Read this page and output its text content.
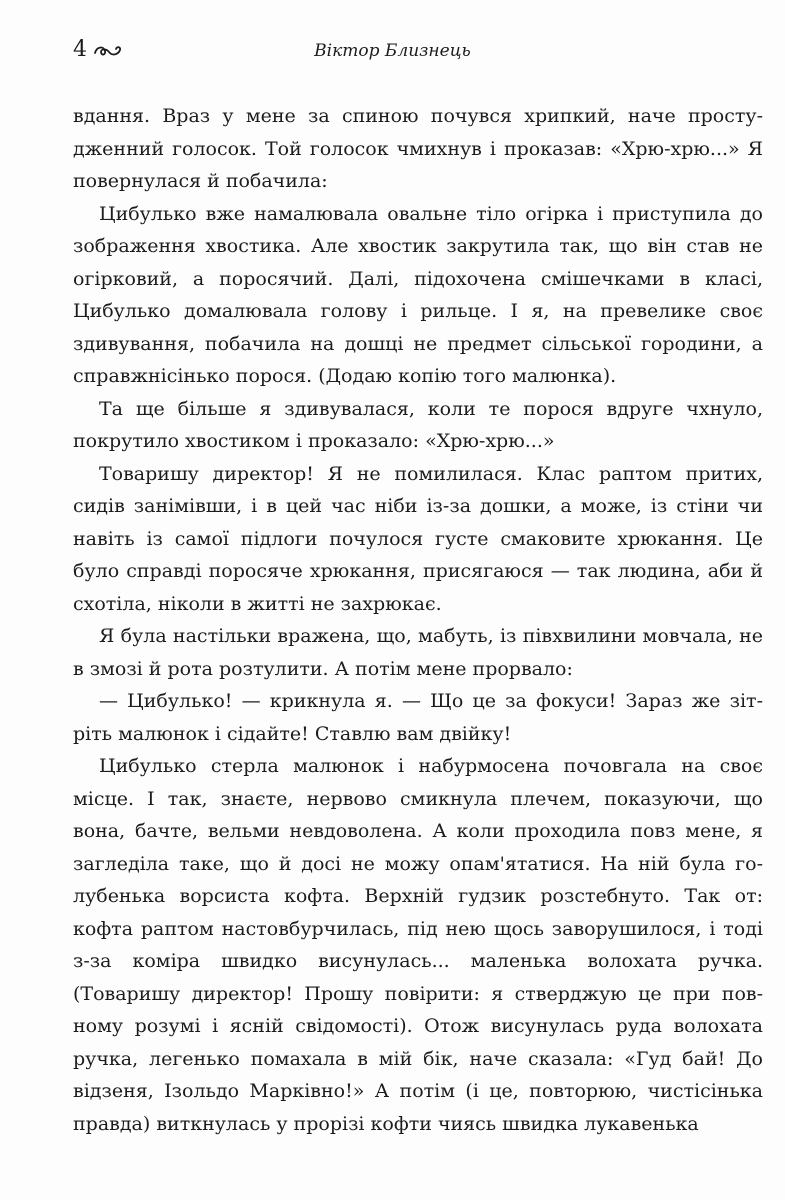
4	Віктор Близнець

вдання. Враз у мене за спиною почувся хрипкий, наче просту-дженний голосок. Той голосок чмихнув і проказав: «Хрю-хрю...» Я повернулася й побачила:

Цибулько вже намалювала овальне тіло огірка і приступила до зображення хвостика. Але хвостик закрутила так, що він став не огірковий, а поросячий. Далі, підохочена смішечками в класі, Цибулько домалювала голову і рильце. І я, на превелике своє здивування, побачила на дошці не предмет сільської городини, а справжнісінько порося. (Додаю копію того малюнка).

Та ще більше я здивувалася, коли те порося вдруге чхнуло, покрутило хвостиком і проказало: «Хрю-хрю...»

Товаришу директор! Я не помилилася. Клас раптом притих, сидів занімівши, і в цей час ніби із-за дошки, а може, із стіни чи навіть із самої підлоги почулося густе смаковите хрюкання. Це було справді поросяче хрюкання, присягаюся — так людина, аби й схотіла, ніколи в житті не захрюкає.

Я була настільки вражена, що, мабуть, із півхвилини мовчала, не в змозі й рота розтулити. А потім мене прорвало:

— Цибулько! — крикнула я. — Що це за фокуси! Зараз же зіт-ріть малюнок і сідайте! Ставлю вам двійку!

Цибулько стерла малюнок і набурмосена почовгала на своє місце. І так, знаєте, нервово смикнула плечем, показуючи, що вона, бачте, вельми невдоволена. А коли проходила повз мене, я загледіла таке, що й досі не можу опам'ятатися. На ній була го-лубенька ворсиста кофта. Верхній гудзик розстебнуто. Так от: кофта раптом настовбурчилась, під нею щось заворушилося, і тоді з-за коміра швидко висунулась... маленька волохата ручка. (Товаришу директор! Прошу повірити: я стверджую це при пов-ному розумі і ясній свідомості). Отож висунулась руда волохата ручка, легенько помахала в мій бік, наче сказала: «Гуд бай! До відзеня, Ізольдо Марківно!» А потім (і це, повторюю, чистісінька правда) виткнулась у прорізі кофти чиясь швидка лукавенька
